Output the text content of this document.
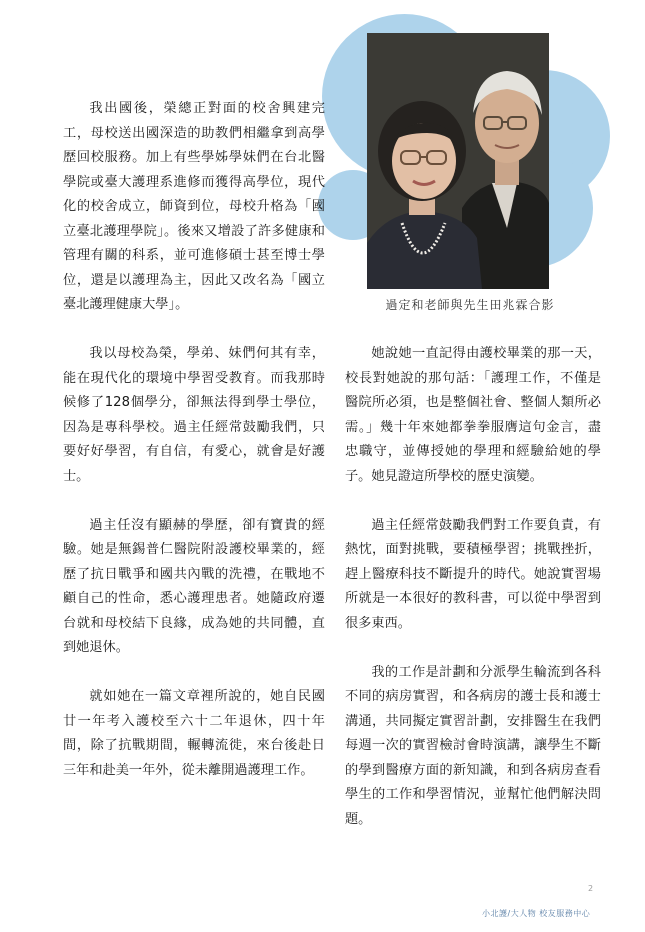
過定和老師與先生田兆霖合影

我出國後，榮總正對面的校舍興建完工，母校送出國深造的助教們相繼拿到高學歷回校服務。加上有些學姊學妹們在台北醫學院或臺大護理系進修而獲得高學位，現代化的校舍成立，師資到位，母校升格為「國立臺北護理學院」。後來又增設了許多健康和管理有關的科系，並可進修碩士甚至博士學位，還是以護理為主，因此又改名為「國立臺北護理健康大學」。

我以母校為榮，學弟、妹們何其有幸，能在現代化的環境中學習受教育。而我那時候修了128個學分，卻無法得到學士學位，因為是專科學校。過主任經常鼓勵我們，只要好好學習，有自信，有愛心，就會是好護士。

過主任沒有顯赫的學歷，卻有寶貴的經驗。她是無錫普仁醫院附設護校畢業的，經歷了抗日戰爭和國共內戰的洗禮，在戰地不顧自己的性命，悉心護理患者。她隨政府遷台就和母校結下良緣，成為她的共同體，直到她退休。

就如她在一篇文章裡所說的，她自民國廿一年考入護校至六十二年退休，四十年間，除了抗戰期間，輾轉流徙，來台後赴日三年和赴美一年外，從未離開過護理工作。

她說她一直記得由護校畢業的那一天，校長對她說的那句話：「護理工作，不僅是醫院所必須，也是整個社會、整個人類所必需。」幾十年來她都拳拳服膺這句金言，盡忠職守，並傳授她的學理和經驗給她的學子。她見證這所學校的歷史演變。

過主任經常鼓勵我們對工作要負責，有熱忱，面對挑戰，要積極學習；挑戰挫折，趕上醫療科技不斷提升的時代。她說實習場所就是一本很好的教科書，可以從中學習到很多東西。

我的工作是計劃和分派學生輪流到各科不同的病房實習，和各病房的護士長和護士溝通，共同擬定實習計劃，安排醫生在我們每週一次的實習檢討會時演講，讓學生不斷的學到醫療方面的新知識，和到各病房查看學生的工作和學習情況，並幫忙他們解決問題。

2
小北護/大人物 校友服務中心
